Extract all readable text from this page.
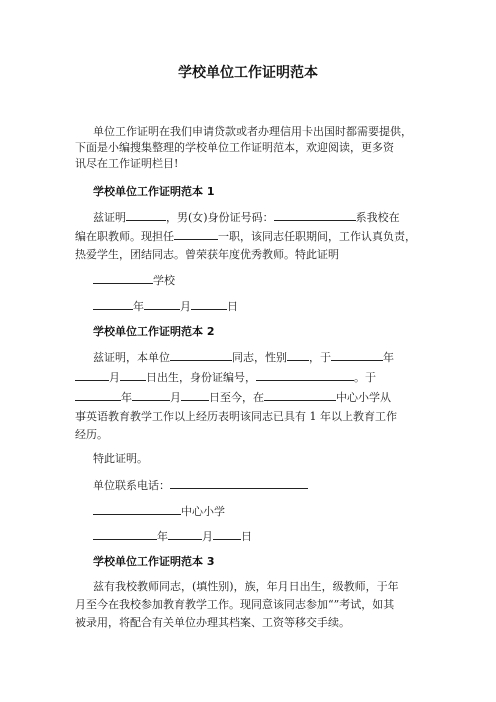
学校单位工作证明范本
单位工作证明在我们申请贷款或者办理信用卡出国时都需要提供，
下面是小编搜集整理的学校单位工作证明范本，欢迎阅读，更多资
讯尽在工作证明栏目!
学校单位工作证明范本 1
兹证明	，男(女)身份证号码：	系我校在
编在职教师。现担任	一职，该同志任职期间，工作认真负责，
热爱学生，团结同志。曾荣获年度优秀教师。特此证明
学校
年	月	日
学校单位工作证明范本 2
兹证明，本单位	同志，性别 ，于	年
月 日出生，身份证编号，	。于
年	月	日至今，在	中心小学从
事英语教育教学工作以上经历表明该同志已具有 1 年以上教育工作
经历。
特此证明。
单位联系电话：
中心小学
年	月	日
学校单位工作证明范本 3
兹有我校教师同志，(填性别)，族，年月日出生，级教师，于年
月至今在我校参加教育教学工作。现同意该同志参加“”考试，如其
被录用，将配合有关单位办理其档案、工资等移交手续。
